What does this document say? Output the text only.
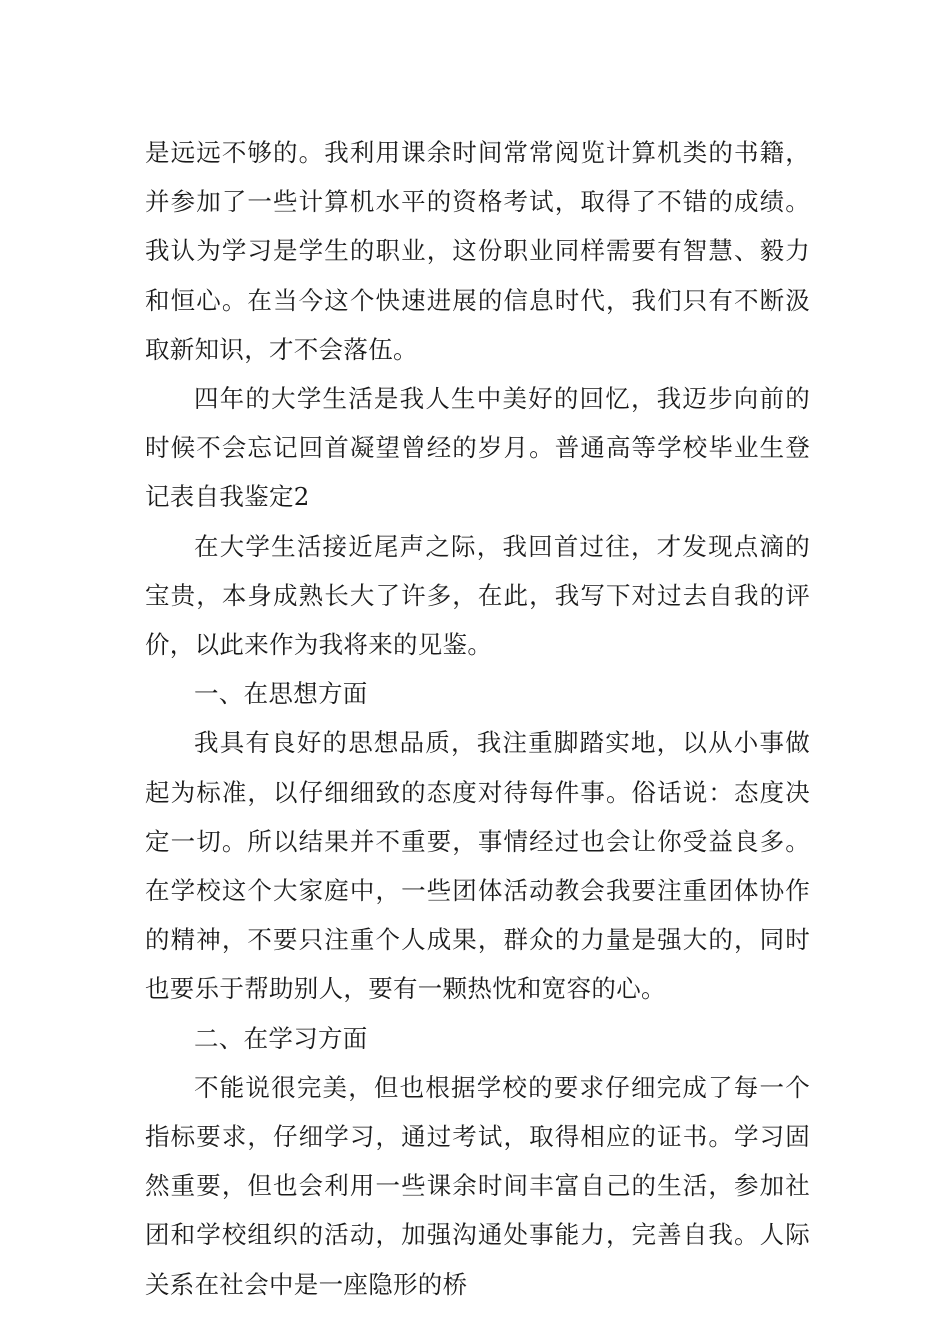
是远远不够的。我利用课余时间常常阅览计算机类的书籍，并参加了一些计算机水平的资格考试，取得了不错的成绩。我认为学习是学生的职业，这份职业同样需要有智慧、毅力和恒心。在当今这个快速进展的信息时代，我们只有不断汲取新知识，才不会落伍。

四年的大学生活是我人生中美好的回忆，我迈步向前的时候不会忘记回首凝望曾经的岁月。普通高等学校毕业生登记表自我鉴定2

在大学生活接近尾声之际，我回首过往，才发现点滴的宝贵，本身成熟长大了许多，在此，我写下对过去自我的评价，以此来作为我将来的见鉴。

一、在思想方面

我具有良好的思想品质，我注重脚踏实地，以从小事做起为标准，以仔细细致的态度对待每件事。俗话说：态度决定一切。所以结果并不重要，事情经过也会让你受益良多。在学校这个大家庭中，一些团体活动教会我要注重团体协作的精神，不要只注重个人成果，群众的力量是强大的，同时也要乐于帮助别人，要有一颗热忱和宽容的心。

二、在学习方面

不能说很完美，但也根据学校的要求仔细完成了每一个指标要求，仔细学习，通过考试，取得相应的证书。学习固然重要，但也会利用一些课余时间丰富自己的生活，参加社团和学校组织的活动，加强沟通处事能力，完善自我。人际关系在社会中是一座隐形的桥
